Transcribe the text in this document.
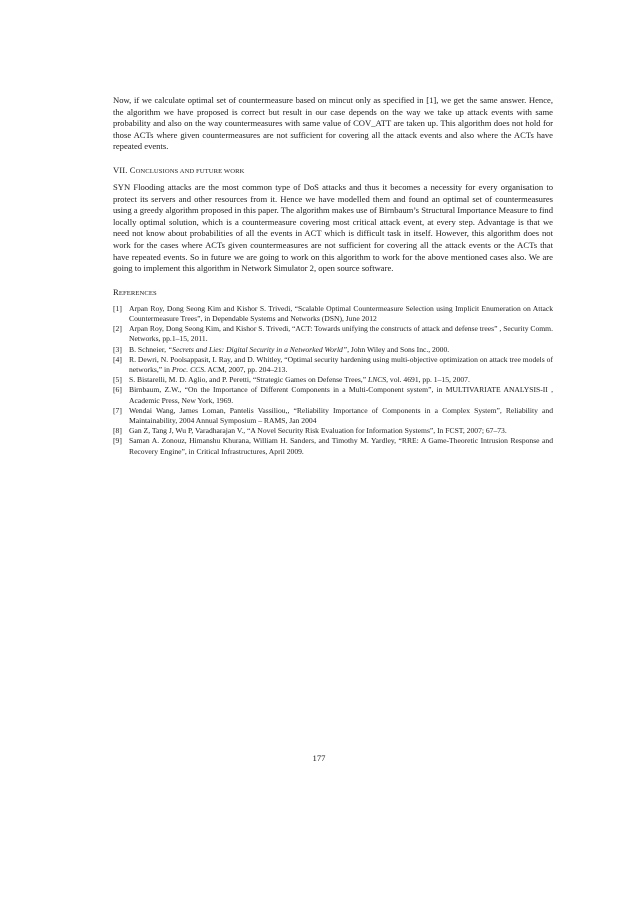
Now, if we calculate optimal set of countermeasure based on mincut only as specified in [1], we get the same answer. Hence, the algorithm we have proposed is correct but result in our case depends on the way we take up attack events with same probability and also on the way countermeasures with same value of COV_ATT are taken up. This algorithm does not hold for those ACTs where given countermeasures are not sufficient for covering all the attack events and also where the ACTs have repeated events.

VII. CONCLUSIONS AND FUTURE WORK

SYN Flooding attacks are the most common type of DoS attacks and thus it becomes a necessity for every organisation to protect its servers and other resources from it. Hence we have modelled them and found an optimal set of countermeasures using a greedy algorithm proposed in this paper. The algorithm makes use of Birnbaum’s Structural Importance Measure to find locally optimal solution, which is a countermeasure covering most critical attack event, at every step. Advantage is that we need not know about probabilities of all the events in ACT which is difficult task in itself. However, this algorithm does not work for the cases where ACTs given countermeasures are not sufficient for covering all the attack events or the ACTs that have repeated events. So in future we are going to work on this algorithm to work for the above mentioned cases also. We are going to implement this algorithm in Network Simulator 2, open source software.

REFERENCES
[1] Arpan Roy, Dong Seong Kim and Kishor S. Trivedi, “Scalable Optimal Countermeasure Selection using Implicit Enumeration on Attack Countermeasure Trees”, in Dependable Systems and Networks (DSN), June 2012
[2] Arpan Roy, Dong Seong Kim, and Kishor S. Trivedi, “ACT: Towards unifying the constructs of attack and defense trees” , Security Comm. Networks, pp.1–15, 2011.
[3] B. Schneier, “Secrets and Lies: Digital Security in a Networked World”, John Wiley and Sons Inc., 2000.
[4] R. Dewri, N. Poolsappasit, I. Ray, and D. Whitley, “Optimal security hardening using multi-objective optimization on attack tree models of networks,” in Proc. CCS. ACM, 2007, pp. 204–213.
[5] S. Bistarelli, M. D. Aglio, and P. Peretti, “Strategic Games on Defense Trees,” LNCS, vol. 4691, pp. 1–15, 2007.
[6] Birnbaum, Z.W., “On the Importance of Different Components in a Multi-Component system”, in MULTIVARIATE ANALYSIS-II , Academic Press, New York, 1969.
[7] Wendai Wang, James Loman, Pantelis Vassiliou,, “Reliability Importance of Components in a Complex System”, Reliability and Maintainability, 2004 Annual Symposium – RAMS, Jan 2004
[8] Gan Z, Tang J, Wu P, Varadharajan V., “A Novel Security Risk Evaluation for Information Systems”, In FCST, 2007; 67–73.
[9] Saman A. Zonouz, Himanshu Khurana, William H. Sanders, and Timothy M. Yardley, “RRE: A Game-Theoretic Intrusion Response and Recovery Engine”, in Critical Infrastructures, April 2009.
177
